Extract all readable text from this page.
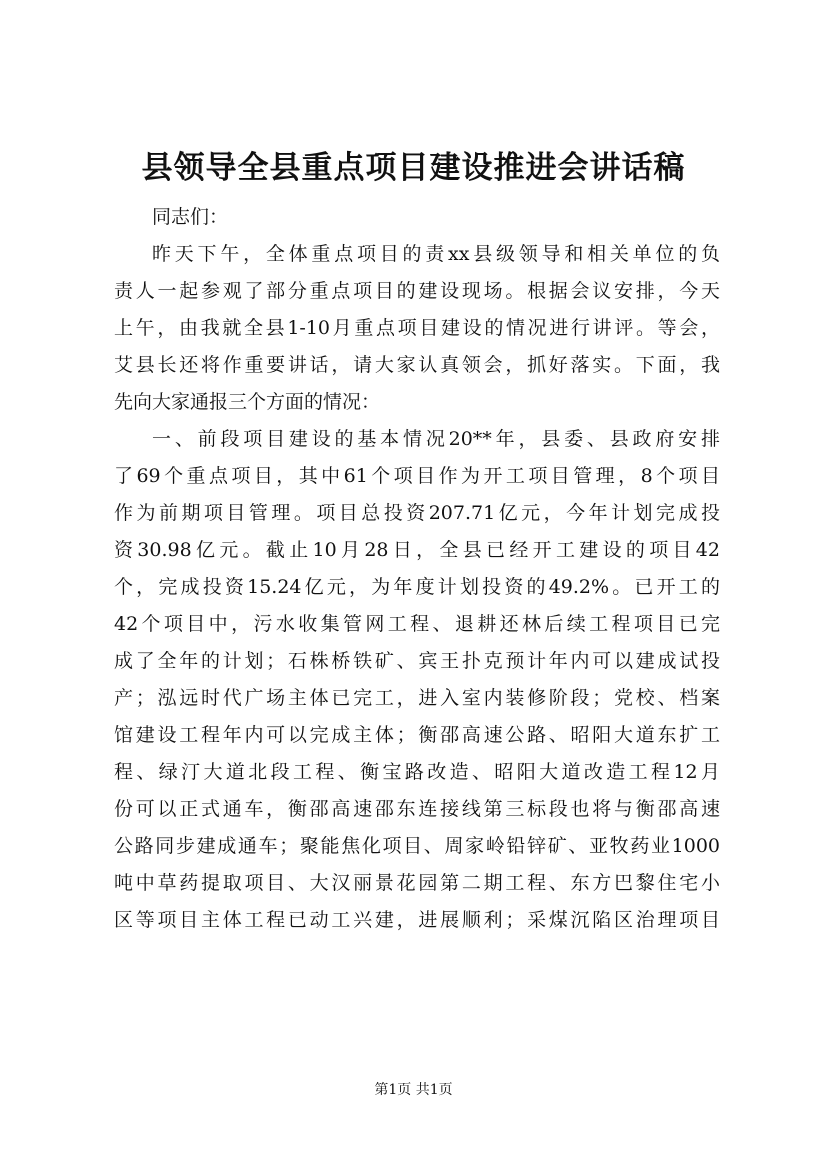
县领导全县重点项目建设推进会讲话稿
同志们：
昨天下午，全体重点项目的责xx县级领导和相关单位的负
责人一起参观了部分重点项目的建设现场。根据会议安排，今天
上午，由我就全县1-10月重点项目建设的情况进行讲评。等会，
艾县长还将作重要讲话，请大家认真领会，抓好落实。下面，我
先向大家通报三个方面的情况：
一、前段项目建设的基本情况20**年，县委、县政府安排
了69个重点项目，其中61个项目作为开工项目管理，8个项目
作为前期项目管理。项目总投资207.71亿元，今年计划完成投
资30.98亿元。截止10月28日，全县已经开工建设的项目42
个，完成投资15.24亿元，为年度计划投资的49.2%。已开工的
42个项目中，污水收集管网工程、退耕还林后续工程项目已完
成了全年的计划；石株桥铁矿、宾王扑克预计年内可以建成试投
产；泓远时代广场主体已完工，进入室内装修阶段；党校、档案
馆建设工程年内可以完成主体；衡邵高速公路、昭阳大道东扩工
程、绿汀大道北段工程、衡宝路改造、昭阳大道改造工程12月
份可以正式通车，衡邵高速邵东连接线第三标段也将与衡邵高速
公路同步建成通车；聚能焦化项目、周家岭铅锌矿、亚牧药业1000
吨中草药提取项目、大汉丽景花园第二期工程、东方巴黎住宅小
区等项目主体工程已动工兴建，进展顺利；采煤沉陷区治理项目
第1页 共1页
